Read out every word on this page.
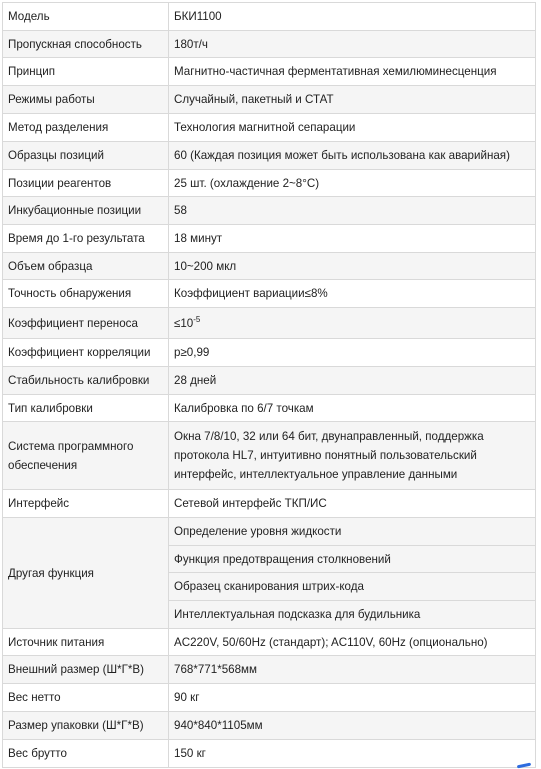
Модель	БКИ1100
Пропускная способность	180т/ч
Принцип	Магнитно-частичная ферментативная хемилюминесценция
Режимы работы	Случайный, пакетный и СТАТ
Метод разделения	Технология магнитной сепарации
Образцы позиций	60 (Каждая позиция может быть использована как аварийная)
Позиции реагентов	25 шт. (охлаждение 2~8°C)
Инкубационные позиции	58
Время до 1-го результата	18 минут
Объем образца	10~200 мкл
Точность обнаружения	Коэффициент вариации≤8%
Коэффициент переноса	$\le 10^{-5}$
Коэффициент корреляции	p≥0,99
Стабильность калибровки	28 дней
Тип калибровки	Калибровка по 6/7 точкам
Система программного обеспечения	Окна 7/8/10, 32 или 64 бит, двунаправленный, поддержка протокола HL7, интуитивно понятный пользовательский интерфейс, интеллектуальное управление данными
Интерфейс	Сетевой интерфейс ТКП/ИС
Другая функция	Определение уровня жидкости
	Функция предотвращения столкновений
	Образец сканирования штрих-кода
	Интеллектуальная подсказка для будильника
Источник питания	AC220V, 50/60Hz (стандарт); AC110V, 60Hz (опционально)
Внешний размер (Ш*Г*В)	768*771*568мм
Вес нетто	90 кг
Размер упаковки (Ш*Г*В)	940*840*1105мм
Вес брутто	150 кг
